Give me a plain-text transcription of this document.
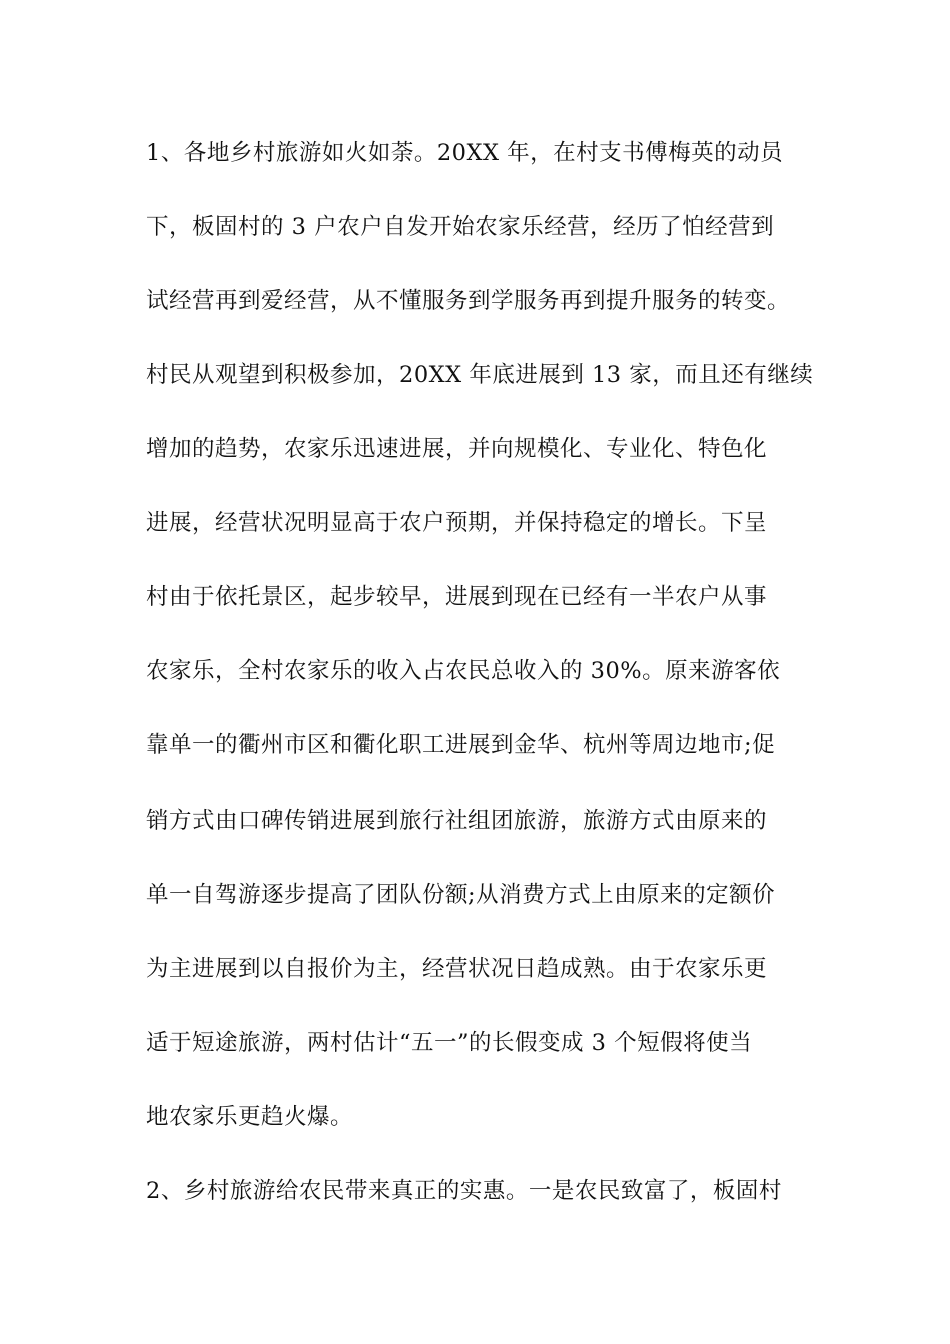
1、各地乡村旅游如火如荼。20XX 年，在村支书傅梅英的动员
下，板固村的 3 户农户自发开始农家乐经营，经历了怕经营到
试经营再到爱经营，从不懂服务到学服务再到提升服务的转变。
村民从观望到积极参加，20XX 年底进展到 13 家，而且还有继续
增加的趋势，农家乐迅速进展，并向规模化、专业化、特色化
进展，经营状况明显高于农户预期，并保持稳定的增长。下呈
村由于依托景区，起步较早，进展到现在已经有一半农户从事
农家乐，全村农家乐的收入占农民总收入的 30%。原来游客依
靠单一的衢州市区和衢化职工进展到金华、杭州等周边地市;促
销方式由口碑传销进展到旅行社组团旅游，旅游方式由原来的
单一自驾游逐步提高了团队份额;从消费方式上由原来的定额价
为主进展到以自报价为主，经营状况日趋成熟。由于农家乐更
适于短途旅游，两村估计“五一”的长假变成 3 个短假将使当
地农家乐更趋火爆。
2、乡村旅游给农民带来真正的实惠。一是农民致富了，板固村
